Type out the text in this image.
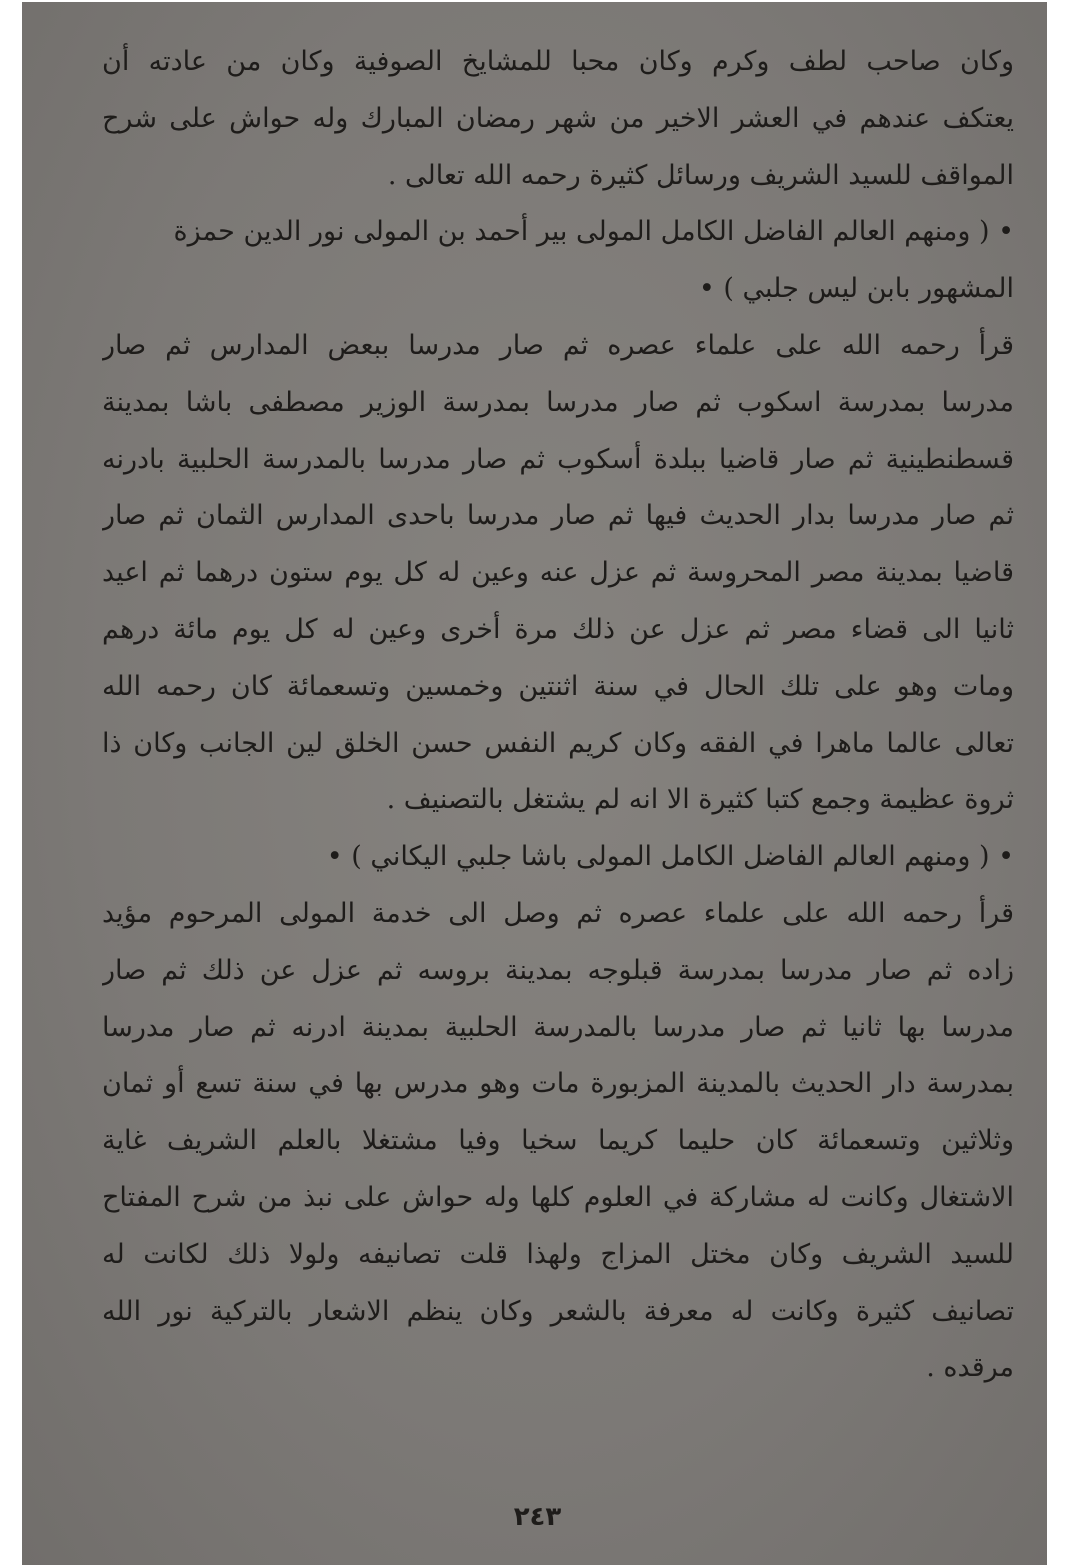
وكان صاحب لطف وكرم وكان محبا للمشايخ الصوفية وكان من عادته أن
يعتكف عندهم في العشر الاخير من شهر رمضان المبارك وله حواش على شرح
المواقف للسيد الشريف ورسائل كثيرة رحمه الله تعالى .
• ( ومنهم العالم الفاضل الكامل المولى بير أحمد بن المولى نور الدين حمزة
المشهور بابن ليس جلبي ) •
قرأ رحمه الله على علماء عصره ثم صار مدرسا ببعض المدارس ثم صار
مدرسا بمدرسة اسكوب ثم صار مدرسا بمدرسة الوزير مصطفى باشا بمدينة
قسطنطينية ثم صار قاضيا ببلدة أسكوب ثم صار مدرسا بالمدرسة الحلبية بادرنه
ثم صار مدرسا بدار الحديث فيها ثم صار مدرسا باحدى المدارس الثمان ثم صار
قاضيا بمدينة مصر المحروسة ثم عزل عنه وعين له كل يوم ستون درهما ثم اعيد
ثانيا الى قضاء مصر ثم عزل عن ذلك مرة أخرى وعين له كل يوم مائة درهم
ومات وهو على تلك الحال في سنة اثنتين وخمسين وتسعمائة كان رحمه الله
تعالى عالما ماهرا في الفقه وكان كريم النفس حسن الخلق لين الجانب وكان ذا
ثروة عظيمة وجمع كتبا كثيرة الا انه لم يشتغل بالتصنيف .
• ( ومنهم العالم الفاضل الكامل المولى باشا جلبي اليكاني ) •
قرأ رحمه الله على علماء عصره ثم وصل الى خدمة المولى المرحوم مؤيد
زاده ثم صار مدرسا بمدرسة قبلوجه بمدينة بروسه ثم عزل عن ذلك ثم صار
مدرسا بها ثانيا ثم صار مدرسا بالمدرسة الحلبية بمدينة ادرنه ثم صار مدرسا
بمدرسة دار الحديث بالمدينة المزبورة مات وهو مدرس بها في سنة تسع أو ثمان
وثلاثين وتسعمائة كان حليما كريما سخيا وفيا مشتغلا بالعلم الشريف غاية
الاشتغال وكانت له مشاركة في العلوم كلها وله حواش على نبذ من شرح المفتاح
للسيد الشريف وكان مختل المزاج ولهذا قلت تصانيفه ولولا ذلك لكانت له
تصانيف كثيرة وكانت له معرفة بالشعر وكان ينظم الاشعار بالتركية نور الله
مرقده .
٢٤٣
